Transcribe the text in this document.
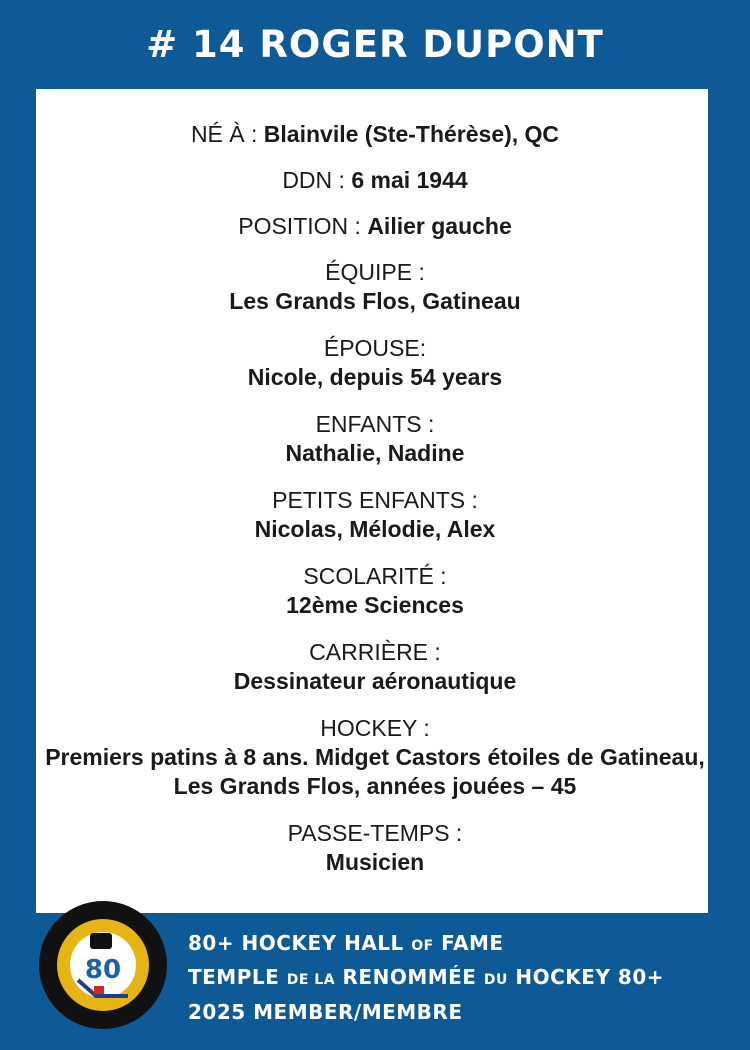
# 14 ROGER DUPONT
NÉ À : Blainvile (Ste-Thérèse), QC
DDN : 6 mai 1944
POSITION : Ailier gauche
ÉQUIPE :
Les Grands Flos, Gatineau
ÉPOUSE:
Nicole, depuis 54 years
ENFANTS :
Nathalie, Nadine
PETITS ENFANTS :
Nicolas, Mélodie, Alex
SCOLARITÉ :
12ème Sciences
CARRIÈRE :
Dessinateur aéronautique
HOCKEY :
Premiers patins à 8 ans. Midget Castors étoiles de Gatineau, Les Grands Flos, années jouées – 45
PASSE-TEMPS :
Musicien
80
80+ HOCKEY HALL OF FAME
TEMPLE DE LA RENOMMÉE DU HOCKEY 80+
2025 MEMBER/MEMBRE
